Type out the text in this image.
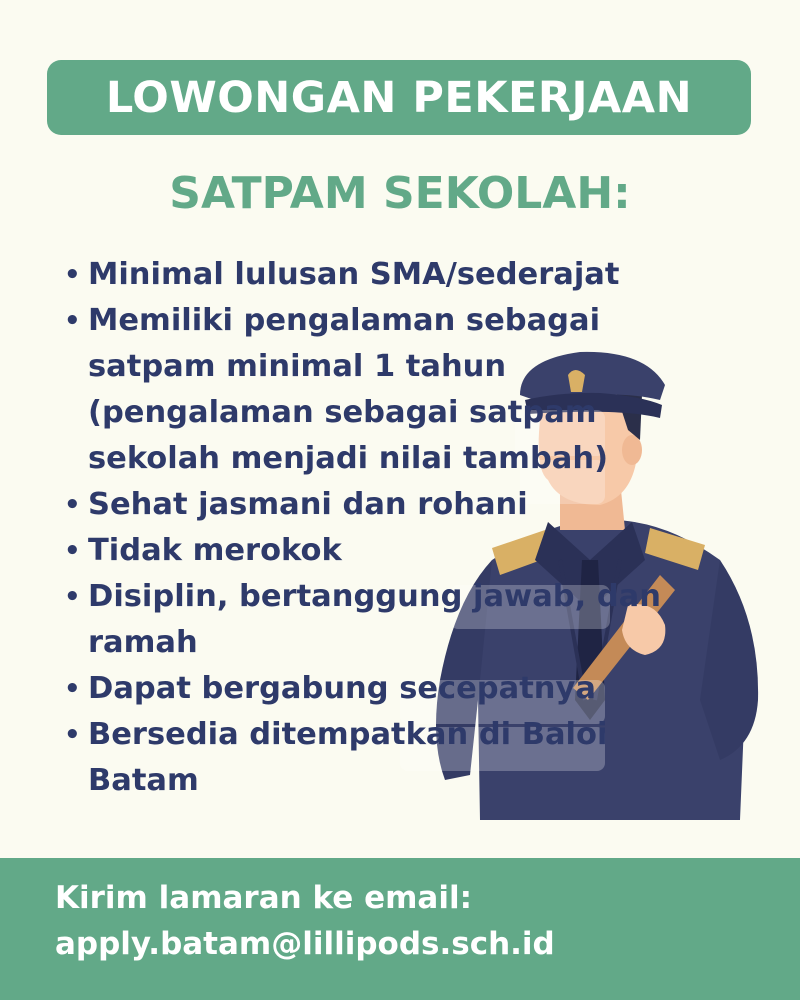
LOWONGAN PEKERJAAN
SATPAM SEKOLAH:
• Minimal lulusan SMA/sederajat
• Memiliki pengalaman sebagai satpam minimal 1 tahun (pengalaman sebagai satpam sekolah menjadi nilai tambah)
• Sehat jasmani dan rohani
• Tidak merokok
• Disiplin, bertanggung jawab, dan ramah
• Dapat bergabung secepatnya
• Bersedia ditempatkan di Baloi Batam
Kirim lamaran ke email:
apply.batam@lillipods.sch.id
